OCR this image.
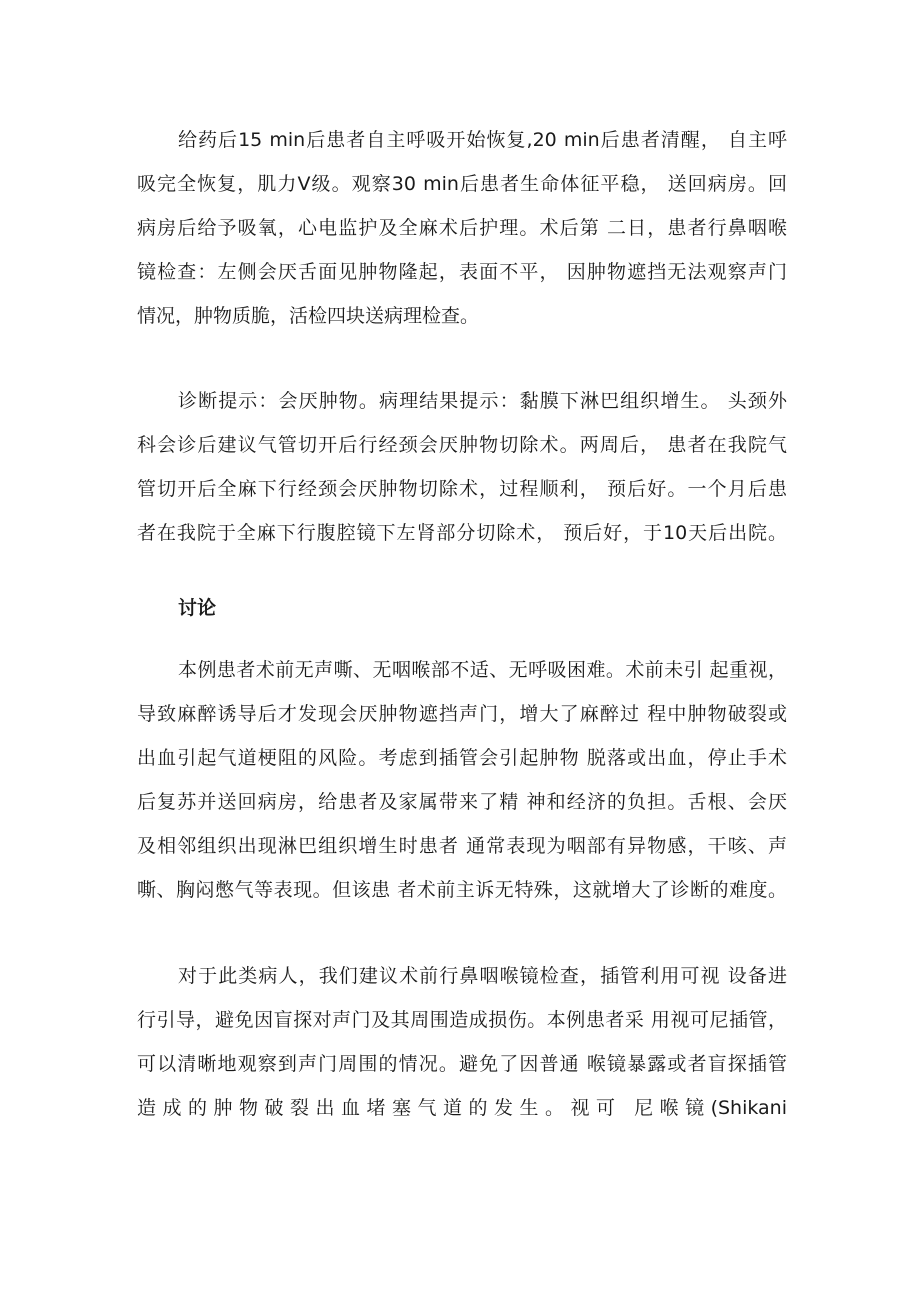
给药后15 min后患者自主呼吸开始恢复,20 min后患者清醒， 自主呼
吸完全恢复，肌力V级。观察30 min后患者生命体征平稳， 送回病房。回
病房后给予吸氧，心电监护及全麻术后护理。术后第 二日，患者行鼻咽喉
镜检查：左侧会厌舌面见肿物隆起，表面不平， 因肿物遮挡无法观察声门
情况，肿物质脆，活检四块送病理检查。
诊断提示：会厌肿物。病理结果提示：黏膜下淋巴组织增生。 头颈外
科会诊后建议气管切开后行经颈会厌肿物切除术。两周后， 患者在我院气
管切开后全麻下行经颈会厌肿物切除术，过程顺利， 预后好。一个月后患
者在我院于全麻下行腹腔镜下左肾部分切除术， 预后好，于10天后出院。
讨论
本例患者术前无声嘶、无咽喉部不适、无呼吸困难。术前未引 起重视，
导致麻醉诱导后才发现会厌肿物遮挡声门，增大了麻醉过 程中肿物破裂或
出血引起气道梗阻的风险。考虑到插管会引起肿物 脱落或出血，停止手术
后复苏并送回病房，给患者及家属带来了精 神和经济的负担。舌根、会厌
及相邻组织出现淋巴组织增生时患者 通常表现为咽部有异物感，干咳、声
嘶、胸闷憋气等表现。但该患 者术前主诉无特殊，这就增大了诊断的难度。
对于此类病人，我们建议术前行鼻咽喉镜检查，插管利用可视 设备进
行引导，避免因盲探对声门及其周围造成损伤。本例患者采 用视可尼插管，
可以清晰地观察到声门周围的情况。避免了因普通 喉镜暴露或者盲探插管
造成的肿物破裂出血堵塞气道的发生。视可 尼喉镜(Shikani
